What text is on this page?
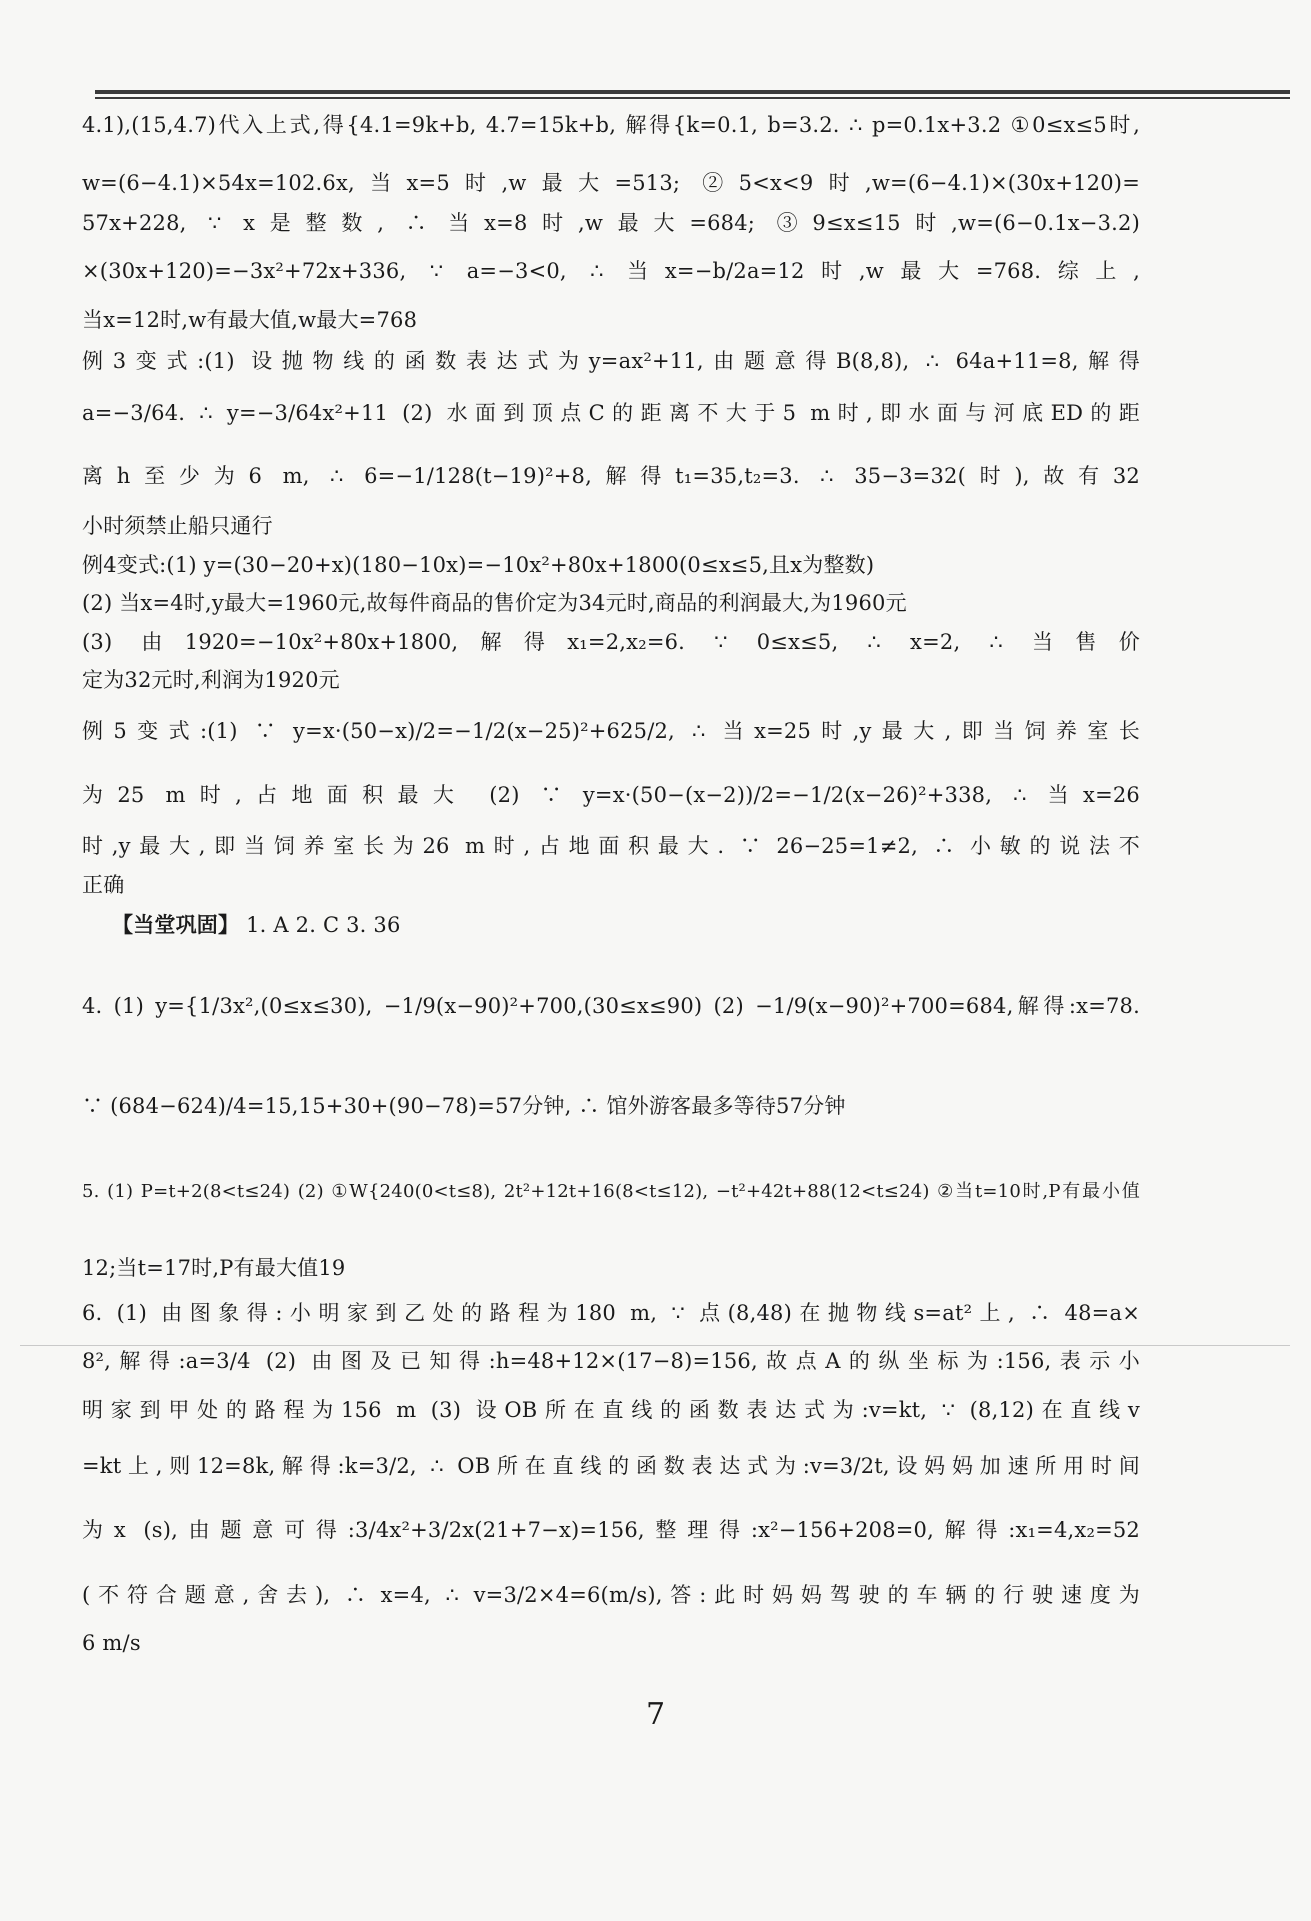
4.1),(15,4.7)代入上式,得{4.1=9k+b, 4.7=15k+b, 解得{k=0.1, b=3.2. ∴ p=0.1x+3.2 ①0≤x≤5时,
w=(6−4.1)×54x=102.6x,当x=5时,w最大=513; ②5<x<9时,w=(6−4.1)×(30x+120)=
57x+228, ∵ x是整数, ∴ 当x=8时,w最大=684; ③9≤x≤15时,w=(6−0.1x−3.2)
×(30x+120)=−3x²+72x+336, ∵ a=−3<0, ∴ 当x=−b/2a=12时,w最大=768.综上,
当x=12时,w有最大值,w最大=768
例3变式:(1) 设抛物线的函数表达式为y=ax²+11,由题意得B(8,8), ∴ 64a+11=8,解得
a=−3/64. ∴ y=−3/64x²+11 (2) 水面到顶点C的距离不大于5 m时,即水面与河底ED的距
离h至少为6 m, ∴ 6=−1/128(t−19)²+8,解得t₁=35,t₂=3. ∴ 35−3=32(时),故有32
小时须禁止船只通行
例4变式:(1) y=(30−20+x)(180−10x)=−10x²+80x+1800(0≤x≤5,且x为整数)
(2) 当x=4时,y最大=1960元,故每件商品的售价定为34元时,商品的利润最大,为1960元
(3) 由1920=−10x²+80x+1800,解得x₁=2,x₂=6. ∵ 0≤x≤5, ∴ x=2, ∴ 当售价
定为32元时,利润为1920元
例5变式:(1) ∵ y=x·(50−x)/2=−1/2(x−25)²+625/2, ∴ 当x=25时,y最大,即当饲养室长
为25 m时,占地面积最大 (2) ∵ y=x·(50−(x−2))/2=−1/2(x−26)²+338, ∴ 当x=26
时,y最大,即当饲养室长为26 m时,占地面积最大. ∵ 26−25=1≠2, ∴ 小敏的说法不
正确
【当堂巩固】 1. A 2. C 3. 36
4. (1) y={1/3x²,(0≤x≤30), −1/9(x−90)²+700,(30≤x≤90) (2) −1/9(x−90)²+700=684,解得:x=78.
∵ (684−624)/4=15,15+30+(90−78)=57分钟, ∴ 馆外游客最多等待57分钟
5. (1) P=t+2(8<t≤24) (2) ①W{240(0<t≤8), 2t²+12t+16(8<t≤12), −t²+42t+88(12<t≤24) ②当t=10时,P有最小值
12;当t=17时,P有最大值19
6. (1) 由图象得:小明家到乙处的路程为180 m, ∵ 点(8,48)在抛物线s=at²上, ∴ 48=a×
8²,解得:a=3/4 (2) 由图及已知得:h=48+12×(17−8)=156,故点A的纵坐标为:156,表示小
明家到甲处的路程为156 m (3) 设OB所在直线的函数表达式为:v=kt, ∵ (8,12)在直线v
=kt上,则12=8k,解得:k=3/2, ∴ OB所在直线的函数表达式为:v=3/2t,设妈妈加速所用时间
为x (s),由题意可得:3/4x²+3/2x(21+7−x)=156,整理得:x²−156+208=0,解得:x₁=4,x₂=52
(不符合题意,舍去), ∴ x=4, ∴ v=3/2×4=6(m/s),答:此时妈妈驾驶的车辆的行驶速度为
6 m/s
7
